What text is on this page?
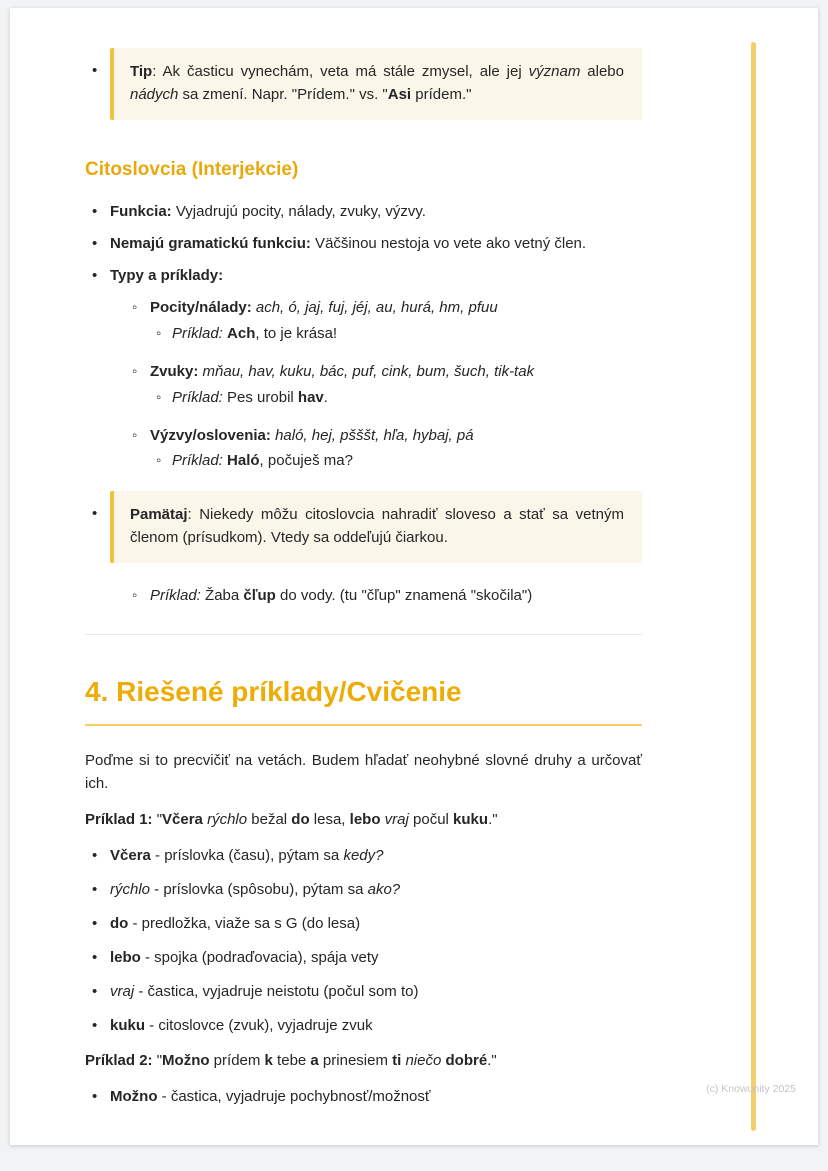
•

Tip: Ak časticu vynechám, veta má stále zmysel, ale jej význam alebo nádych sa zmení. Napr. "Prídem." vs. "Asi prídem."

Citoslovcia (Interjekcie)
• Funkcia: Vyjadrujú pocity, nálady, zvuky, výzvy.
• Nemajú gramatickú funkciu: Väčšinou nestoja vo vete ako vetný člen.
• Typy a príklady:
◦ Pocity/nálady: ach, ó, jaj, fuj, jéj, au, hurá, hm, pfuu
◦ Príklad: Ach, to je krása!
◦ Zvuky: mňau, hav, kuku, bác, puf, cink, bum, šuch, tik-tak
◦ Príklad: Pes urobil hav.
◦ Výzvy/oslovenia: haló, hej, pšššt, hľa, hybaj, pá
◦ Príklad: Haló, počuješ ma?
•

Pamätaj: Niekedy môžu citoslovcia nahradiť sloveso a stať sa vetným členom (prísudkom). Vtedy sa oddeľujú čiarkou.

◦ Príklad: Žaba čľup do vody. (tu "čľup" znamená "skočila")
4. Riešené príklady/Cvičenie

Poďme si to precvičiť na vetách. Budem hľadať neohybné slovné druhy a určovať ich.

Príklad 1: "Včera rýchlo bežal do lesa, lebo vraj počul kuku."

• Včera - príslovka (času), pýtam sa kedy?
• rýchlo - príslovka (spôsobu), pýtam sa ako?
• do - predložka, viaže sa s G (do lesa)
• lebo - spojka (podraďovacia), spája vety
• vraj - častica, vyjadruje neistotu (počul som to)
• kuku - citoslovce (zvuk), vyjadruje zvuk

Príklad 2: "Možno prídem k tebe a prinesiem ti niečo dobré."

• Možno - častica, vyjadruje pochybnosť/možnosť	(c) Knowunity 2025
